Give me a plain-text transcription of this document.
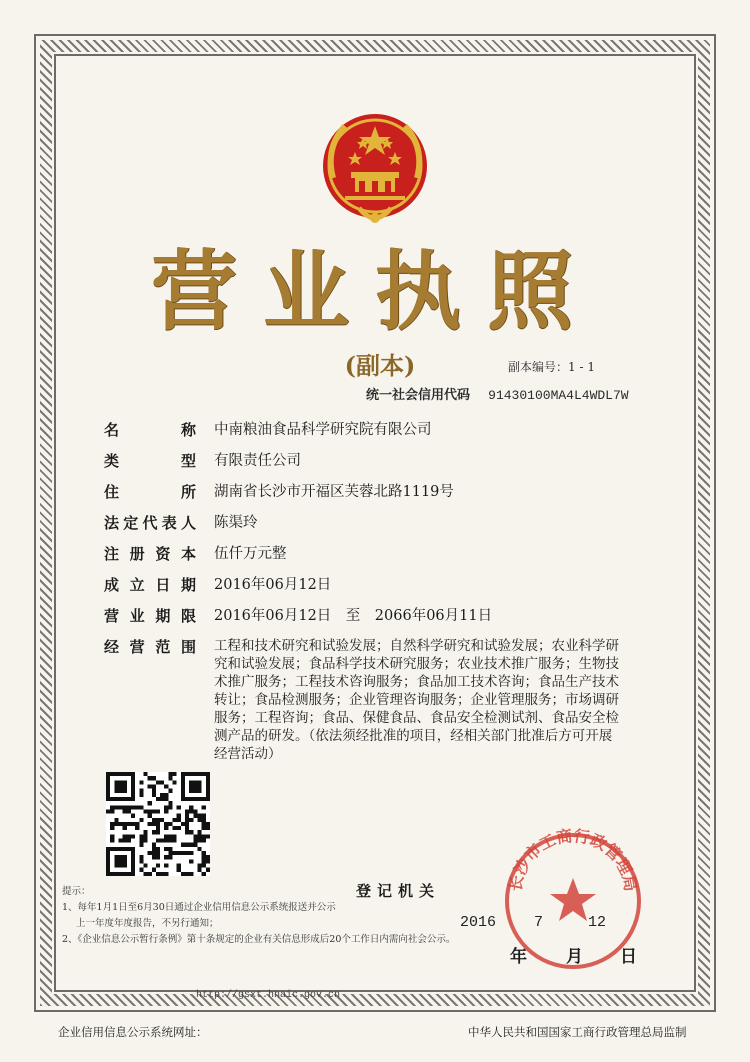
营业执照
(副本)	副本编号：1 - 1
统一社会信用代码 91430100MA4L4WDL7W
名称 中南粮油食品科学研究院有限公司
类型 有限责任公司
住所 湖南省长沙市开福区芙蓉北路1119号
法定代表人 陈渠玲
注册资本 伍仟万元整
成立日期 2016年06月12日
营业期限 2016年06月12日　至　2066年06月11日
经营范围 工程和技术研究和试验发展；自然科学研究和试验发展；农业科学研究和试验发展；食品科学技术研究服务；农业技术推广服务；生物技术推广服务；工程技术咨询服务；食品加工技术咨询；食品生产技术转让；食品检测服务；企业管理咨询服务；企业管理服务；市场调研服务；工程咨询；食品、保健食品、食品安全检测试剂、食品安全检测产品的研发。（依法须经批准的项目，经相关部门批准后方可开展经营活动）
提示：
1、每年1月1日至6月30日通过企业信用信息公示系统报送并公示
上一年度年度报告，不另行通知；
2、《企业信息公示暂行条例》第十条规定的企业有关信息形成后20个工作日内需向社会公示。
登记机关	长沙市工商行政管理局
2016	7	12
年 月 日
http://gsxt.hnaic.gov.cn
企业信用信息公示系统网址：	中华人民共和国国家工商行政管理总局监制
